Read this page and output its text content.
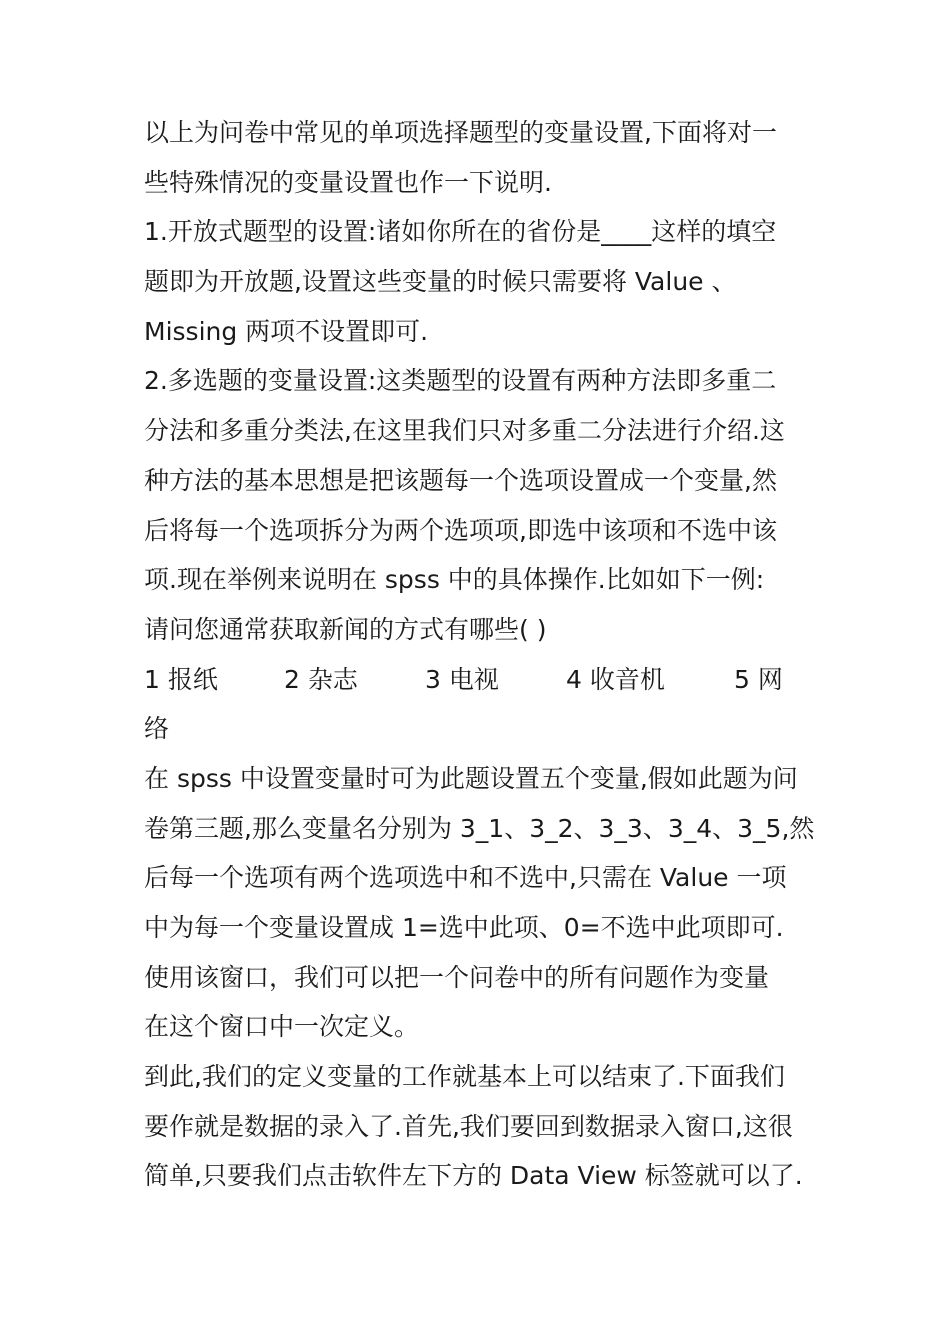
以上为问卷中常见的单项选择题型的变量设置,下面将对一
些特殊情况的变量设置也作一下说明.
1.开放式题型的设置:诸如你所在的省份是____这样的填空
题即为开放题,设置这些变量的时候只需要将 Value 、
Missing 两项不设置即可.
2.多选题的变量设置:这类题型的设置有两种方法即多重二
分法和多重分类法,在这里我们只对多重二分法进行介绍.这
种方法的基本思想是把该题每一个选项设置成一个变量,然
后将每一个选项拆分为两个选项项,即选中该项和不选中该
项.现在举例来说明在 spss 中的具体操作.比如如下一例:
请问您通常获取新闻的方式有哪些( )
1 报纸	2 杂志	3 电视	4 收音机	5 网
络
在 spss 中设置变量时可为此题设置五个变量,假如此题为问
卷第三题,那么变量名分别为 3_1、3_2、3_3、3_4、3_5,然
后每一个选项有两个选项选中和不选中,只需在 Value 一项
中为每一个变量设置成 1=选中此项、0=不选中此项即可.
使用该窗口，我们可以把一个问卷中的所有问题作为变量
在这个窗口中一次定义。
到此,我们的定义变量的工作就基本上可以结束了.下面我们
要作就是数据的录入了.首先,我们要回到数据录入窗口,这很
简单,只要我们点击软件左下方的 Data View 标签就可以了.
